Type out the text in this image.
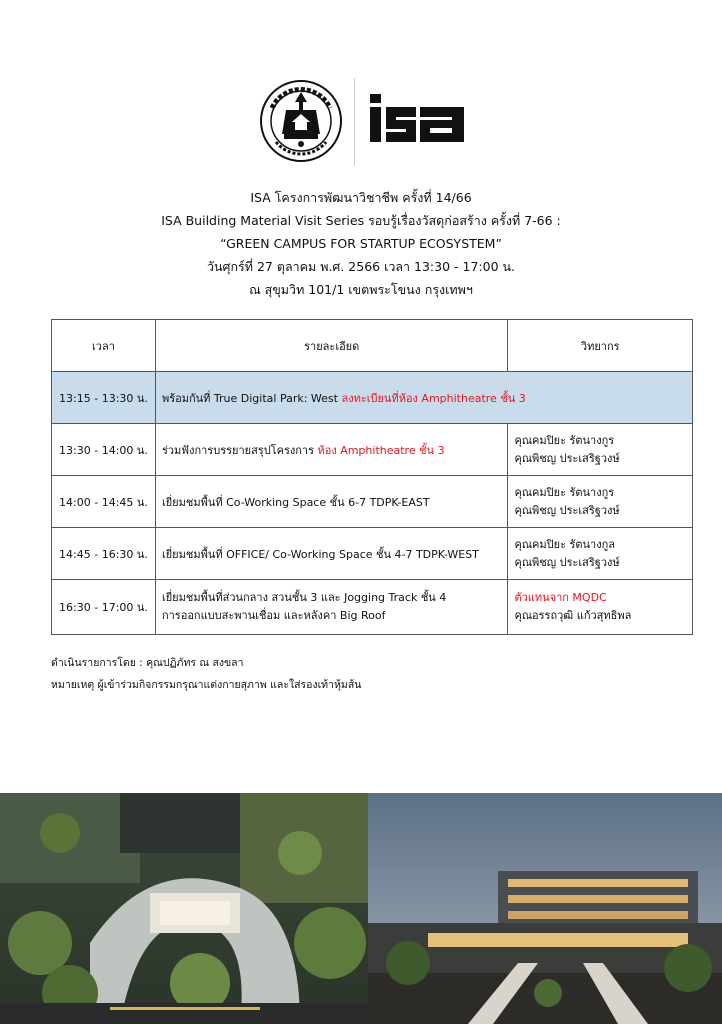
ISA โครงการพัฒนาวิชาชีพ ครั้งที่ 14/66
ISA Building Material Visit Series รอบรู้เรื่องวัสดุก่อสร้าง ครั้งที่ 7-66 :
“GREEN CAMPUS FOR STARTUP ECOSYSTEM”
วันศุกร์ที่ 27 ตุลาคม พ.ศ. 2566 เวลา 13:30 - 17:00 น.
ณ สุขุมวิท 101/1 เขตพระโขนง กรุงเทพฯ
เวลา	รายละเอียด	วิทยากร
13:15 - 13:30 น.	พร้อมกันที่ True Digital Park: West ลงทะเบียนที่ห้อง Amphitheatre ชั้น 3	
13:30 - 14:00 น.	ร่วมฟังการบรรยายสรุปโครงการ ห้อง Amphitheatre ชั้น 3	คุณคมปิยะ รัตนางกูร
คุณพิชญ ประเสริฐวงษ์

14:00 - 14:45 น.	เยี่ยมชมพื้นที่ Co-Working Space ชั้น 6-7 TDPK-EAST	คุณคมปิยะ รัตนางกูร
คุณพิชญ ประเสริฐวงษ์

14:45 - 16:30 น.	เยี่ยมชมพื้นที่ OFFICE/ Co-Working Space ชั้น 4-7 TDPK-WEST	คุณคมปิยะ รัตนางกูล
คุณพิชญ ประเสริฐวงษ์

16:30 - 17:00 น.	เยี่ยมชมพื้นที่ส่วนกลาง สวนชั้น 3 และ Jogging Track ชั้น 4
การออกแบบสะพานเชื่อม และหลังคา Big Roof	ตัวแทนจาก MQDC
คุณอรรถวุฒิ แก้วสุทธิพล
ดำเนินรายการโดย : คุณปฏิภัทร ณ สงขลา
หมายเหตุ ผู้เข้าร่วมกิจกรรมกรุณาแต่งกายสุภาพ และใส่รองเท้าหุ้มส้น
